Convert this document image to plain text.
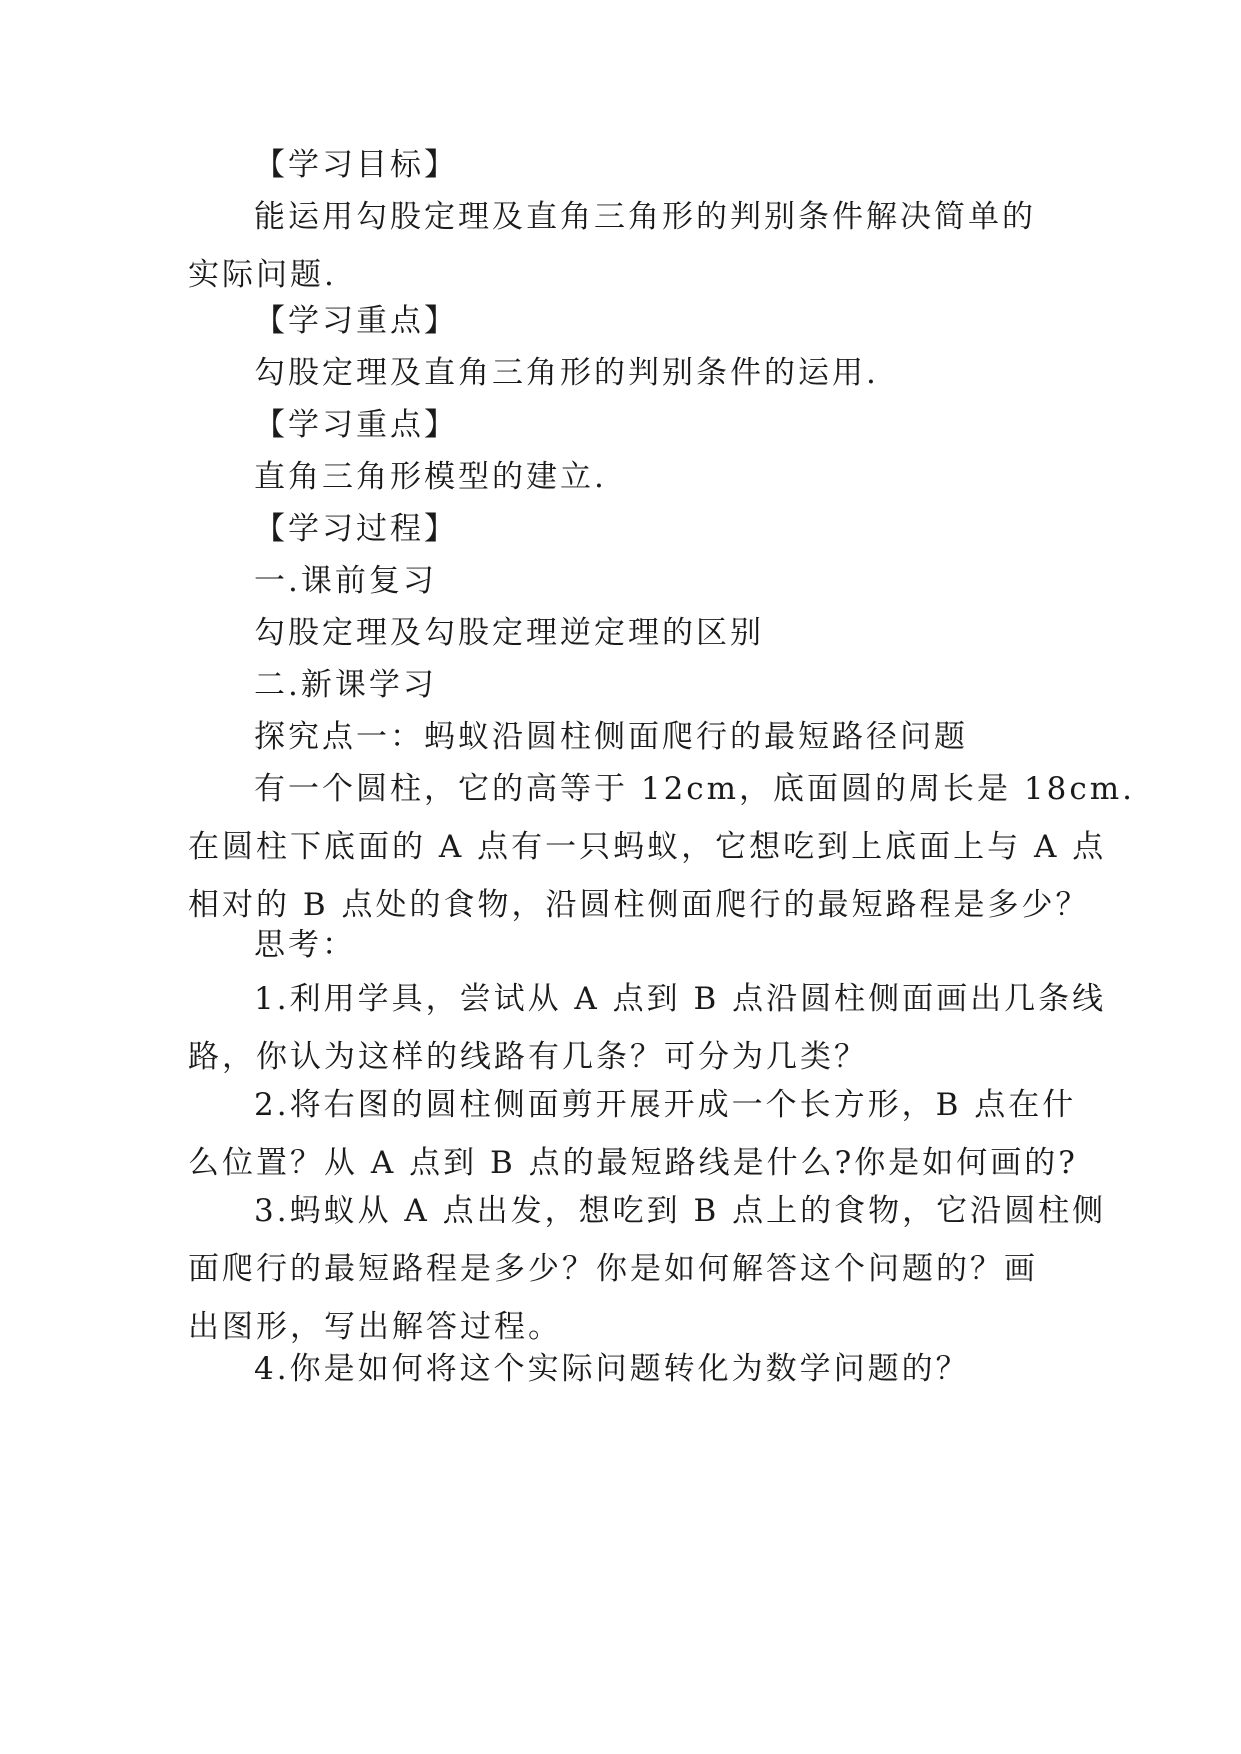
【学习目标】

能运用勾股定理及直角三角形的判别条件解决简单的
实际问题.

【学习重点】

勾股定理及直角三角形的判别条件的运用.

【学习重点】

直角三角形模型的建立.

【学习过程】

一.课前复习

勾股定理及勾股定理逆定理的区别

二.新课学习

探究点一：蚂蚁沿圆柱侧面爬行的最短路径问题

有一个圆柱，它的高等于 12cm，底面圆的周长是 18cm.
在圆柱下底面的 A 点有一只蚂蚁，它想吃到上底面上与 A 点
相对的 B 点处的食物，沿圆柱侧面爬行的最短路程是多少？

思考：

1.利用学具，尝试从 A 点到 B 点沿圆柱侧面画出几条线
路，你认为这样的线路有几条？可分为几类？

2.将右图的圆柱侧面剪开展开成一个长方形，B 点在什
么位置？从 A 点到 B 点的最短路线是什么?你是如何画的?

3.蚂蚁从 A 点出发，想吃到 B 点上的食物，它沿圆柱侧
面爬行的最短路程是多少？你是如何解答这个问题的？画
出图形，写出解答过程。

4.你是如何将这个实际问题转化为数学问题的？
